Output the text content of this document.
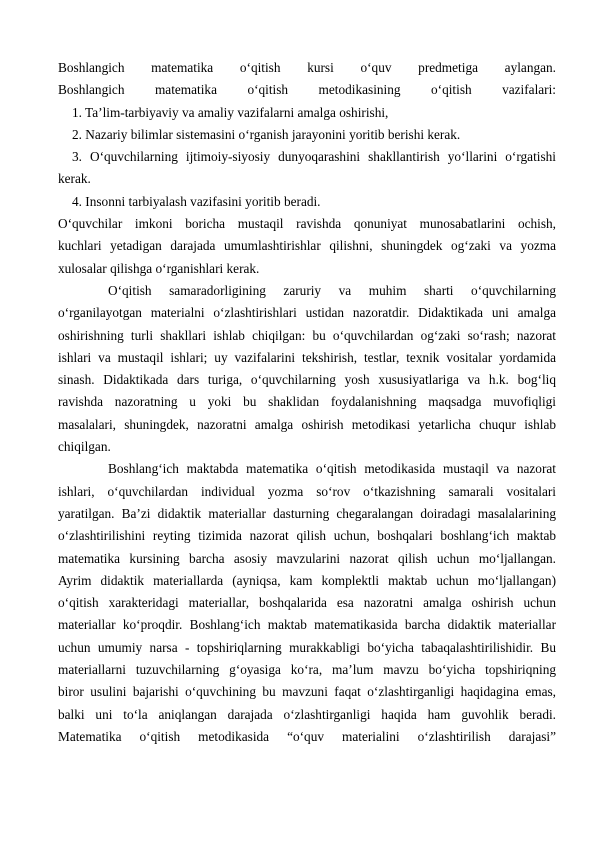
Boshlangich matematika o‘qitish kursi o‘quv predmetiga aylangan.
Boshlangich matematika o‘qitish metodikasining o‘qitish vazifalari:
1. Ta’lim-tarbiyaviy va amaliy vazifalarni amalga oshirishi,
2. Nazariy bilimlar sistemasini o‘rganish jarayonini yoritib berishi kerak.
3. O‘quvchilarning ijtimoiy-siyosiy dunyoqarashini shakllantirish yo‘llarini o‘rgatishi
kerak.
4. Insonni tarbiyalash vazifasini yoritib beradi.
O‘quvchilar imkoni boricha mustaqil ravishda qonuniyat munosabatlarini ochish,
kuchlari yetadigan darajada umumlashtirishlar qilishni, shuningdek og‘zaki va yozma
xulosalar qilishga o‘rganishlari kerak.
O‘qitish samaradorligining zaruriy va muhim sharti o‘quvchilarning
o‘rganilayotgan materialni o‘zlashtirishlari ustidan nazoratdir. Didaktikada uni amalga
oshirishning turli shakllari ishlab chiqilgan: bu o‘quvchilardan og‘zaki so‘rash; nazorat
ishlari va mustaqil ishlari; uy vazifalarini tekshirish, testlar, texnik vositalar yordamida
sinash. Didaktikada dars turiga, o‘quvchilarning yosh xususiyatlariga va h.k. bog‘liq
ravishda nazoratning u yoki bu shaklidan foydalanishning maqsadga muvofiqligi
masalalari, shuningdek, nazoratni amalga oshirish metodikasi yetarlicha chuqur ishlab
chiqilgan.
Boshlang‘ich maktabda matematika o‘qitish metodikasida mustaqil va nazorat
ishlari, o‘quvchilardan individual yozma so‘rov o‘tkazishning samarali vositalari
yaratilgan. Ba’zi didaktik materiallar dasturning chegaralangan doiradagi masalalarining
o‘zlashtirilishini reyting tizimida nazorat qilish uchun, boshqalari boshlang‘ich maktab
matematika kursining barcha asosiy mavzularini nazorat qilish uchun mo‘ljallangan.
Ayrim didaktik materiallarda (ayniqsa, kam komplektli maktab uchun mo‘ljallangan)
o‘qitish xarakteridagi materiallar, boshqalarida esa nazoratni amalga oshirish uchun
materiallar ko‘proqdir. Boshlang‘ich maktab matematikasida barcha didaktik materiallar
uchun umumiy narsa - topshiriqlarning murakkabligi bo‘yicha tabaqalashtirilishidir. Bu
materiallarni tuzuvchilarning g‘oyasiga ko‘ra, ma’lum mavzu bo‘yicha topshiriqning
biror usulini bajarishi o‘quvchining bu mavzuni faqat o‘zlashtirganligi haqidagina emas,
balki uni to‘la aniqlangan darajada o‘zlashtirganligi haqida ham guvohlik beradi.
Matematika o‘qitish metodikasida “o‘quv materialini o‘zlashtirilish darajasi”
